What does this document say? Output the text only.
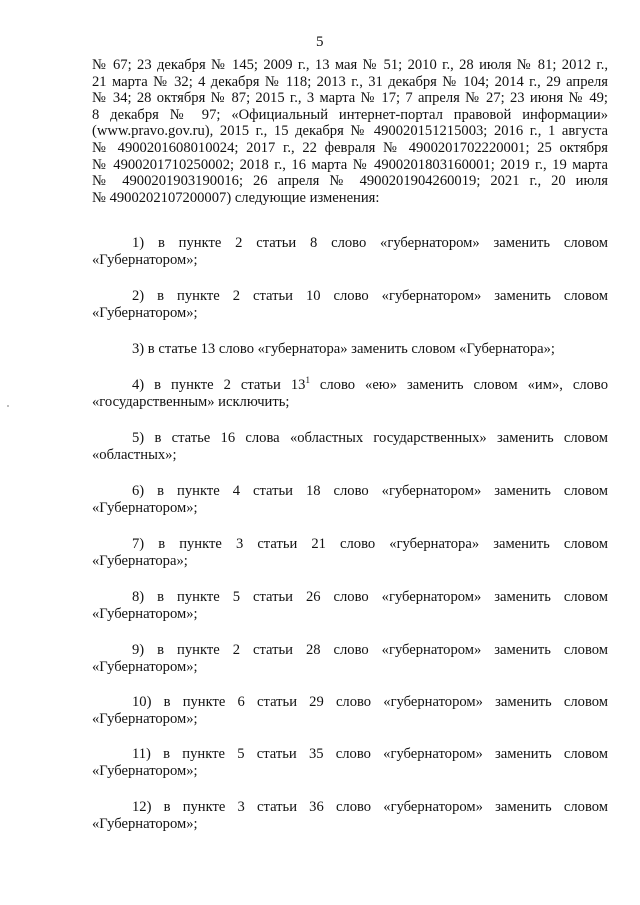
5
№ 67; 23 декабря № 145; 2009 г., 13 мая № 51; 2010 г., 28 июля № 81; 2012 г.,
21 марта № 32; 4 декабря № 118; 2013 г., 31 декабря № 104; 2014 г., 29 апреля
№ 34; 28 октября № 87; 2015 г., 3 марта № 17; 7 апреля № 27; 23 июня № 49;
8 декабря № 97; «Официальный интернет-портал правовой информации»
(www.pravo.gov.ru), 2015 г., 15 декабря № 490020151215003; 2016 г., 1 августа
№ 4900201608010024; 2017 г., 22 февраля № 4900201702220001; 25 октября
№ 4900201710250002; 2018 г., 16 марта № 4900201803160001; 2019 г., 19 марта
№ 4900201903190016; 26 апреля № 4900201904260019; 2021 г., 20 июля
№ 4900202107200007) следующие изменения:
1) в пункте 2 статьи 8 слово «губернатором» заменить словом
«Губернатором»;
2) в пункте 2 статьи 10 слово «губернатором» заменить словом
«Губернатором»;
3) в статье 13 слово «губернатора» заменить словом «Губернатора»;
4) в пункте 2 статьи $13^1$ слово «ею» заменить словом «им», слово
«государственным» исключить;
5) в статье 16 слова «областных государственных» заменить словом
«областных»;
6) в пункте 4 статьи 18 слово «губернатором» заменить словом
«Губернатором»;
7) в пункте 3 статьи 21 слово «губернатора» заменить словом
«Губернатора»;
8) в пункте 5 статьи 26 слово «губернатором» заменить словом
«Губернатором»;
9) в пункте 2 статьи 28 слово «губернатором» заменить словом
«Губернатором»;
10) в пункте 6 статьи 29 слово «губернатором» заменить словом
«Губернатором»;
11) в пункте 5 статьи 35 слово «губернатором» заменить словом
«Губернатором»;
12) в пункте 3 статьи 36 слово «губернатором» заменить словом
«Губернатором»;
